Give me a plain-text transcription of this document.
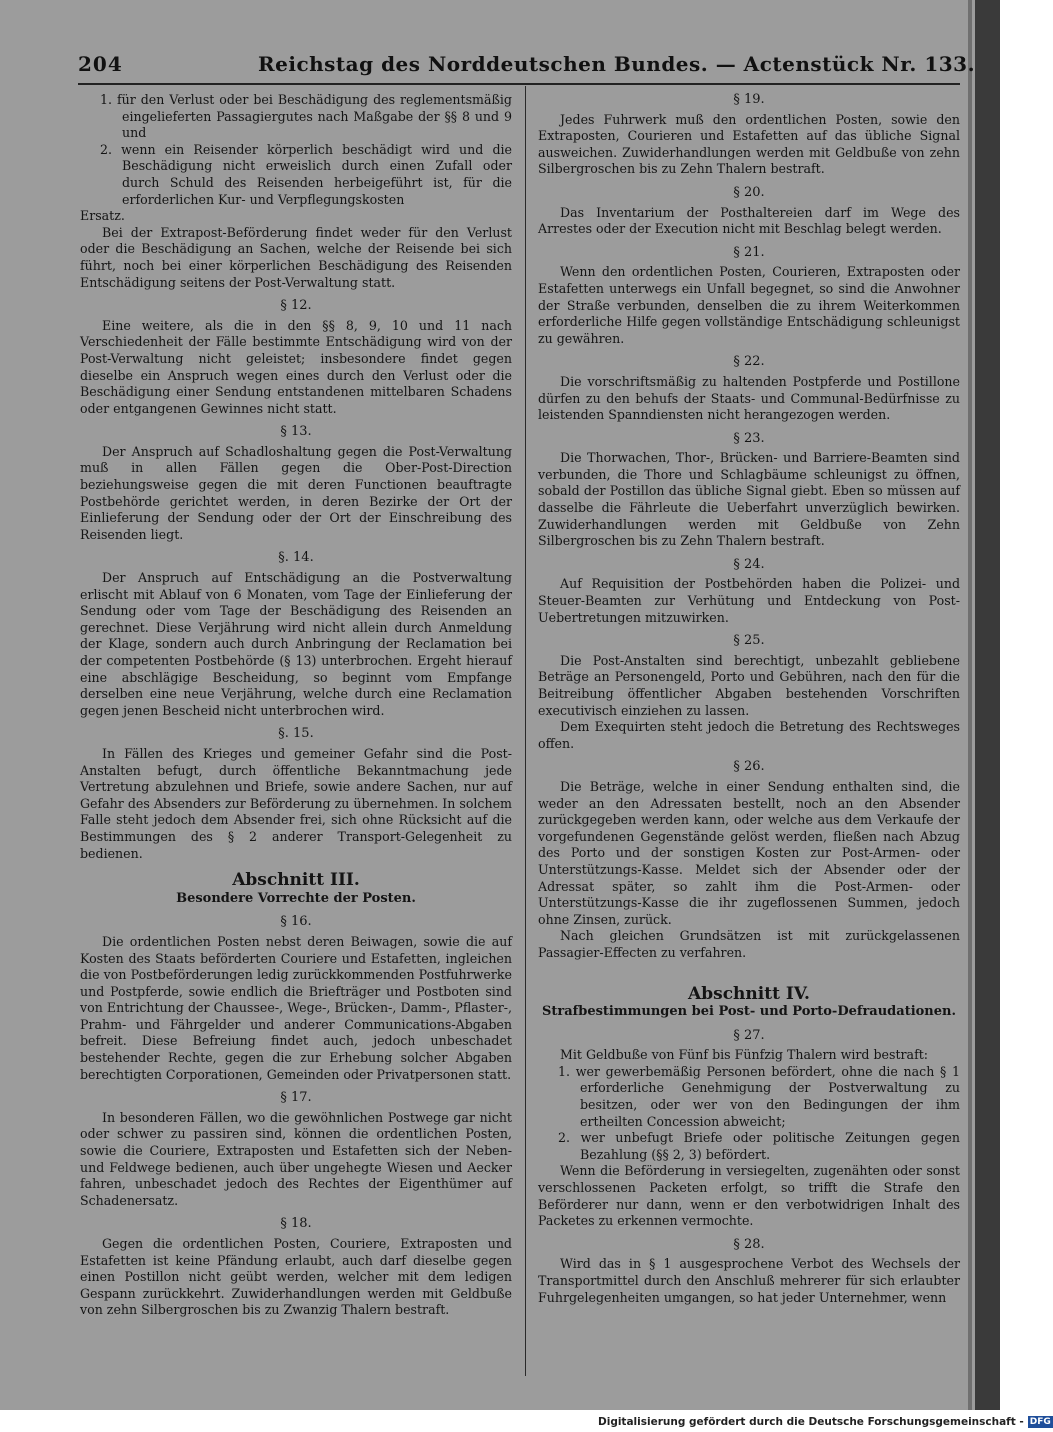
204	Reichstag des Norddeutschen Bundes. — Actenstück Nr. 133.

1. für den Verlust oder bei Beschädigung des reglementsmäßig eingelieferten Passagiergutes nach Maßgabe der §§ 8 und 9 und

2. wenn ein Reisender körperlich beschädigt wird und die Beschädigung nicht erweislich durch einen Zufall oder durch Schuld des Reisenden herbeigeführt ist, für die erforderlichen Kur- und Verpflegungskosten

Ersatz.

Bei der Extrapost-Beförderung findet weder für den Verlust oder die Beschädigung an Sachen, welche der Reisende bei sich führt, noch bei einer körperlichen Beschädigung des Reisenden Entschädigung seitens der Post-Verwaltung statt.

§ 12.

Eine weitere, als die in den §§ 8, 9, 10 und 11 nach Verschiedenheit der Fälle bestimmte Entschädigung wird von der Post-Verwaltung nicht geleistet; insbesondere findet gegen dieselbe ein Anspruch wegen eines durch den Verlust oder die Beschädigung einer Sendung entstandenen mittelbaren Schadens oder entgangenen Gewinnes nicht statt.

§ 13.

Der Anspruch auf Schadloshaltung gegen die Post-Verwaltung muß in allen Fällen gegen die Ober-Post-Direction beziehungsweise gegen die mit deren Functionen beauftragte Postbehörde gerichtet werden, in deren Bezirke der Ort der Einlieferung der Sendung oder der Ort der Einschreibung des Reisenden liegt.

§. 14.

Der Anspruch auf Entschädigung an die Postverwaltung erlischt mit Ablauf von 6 Monaten, vom Tage der Einlieferung der Sendung oder vom Tage der Beschädigung des Reisenden an gerechnet. Diese Verjährung wird nicht allein durch Anmeldung der Klage, sondern auch durch Anbringung der Reclamation bei der competenten Postbehörde (§ 13) unterbrochen. Ergeht hierauf eine abschlägige Bescheidung, so beginnt vom Empfange derselben eine neue Verjährung, welche durch eine Reclamation gegen jenen Bescheid nicht unterbrochen wird.

§. 15.

In Fällen des Krieges und gemeiner Gefahr sind die Post-Anstalten befugt, durch öffentliche Bekanntmachung jede Vertretung abzulehnen und Briefe, sowie andere Sachen, nur auf Gefahr des Absenders zur Beförderung zu übernehmen. In solchem Falle steht jedoch dem Absender frei, sich ohne Rücksicht auf die Bestimmungen des § 2 anderer Transport-Gelegenheit zu bedienen.

Abschnitt III.

Besondere Vorrechte der Posten.

§ 16.

Die ordentlichen Posten nebst deren Beiwagen, sowie die auf Kosten des Staats beförderten Couriere und Estafetten, ingleichen die von Postbeförderungen ledig zurückkommenden Postfuhrwerke und Postpferde, sowie endlich die Briefträger und Postboten sind von Entrichtung der Chaussee-, Wege-, Brücken-, Damm-, Pflaster-, Prahm- und Fährgelder und anderer Communications-Abgaben befreit. Diese Befreiung findet auch, jedoch unbeschadet bestehender Rechte, gegen die zur Erhebung solcher Abgaben berechtigten Corporationen, Gemeinden oder Privatpersonen statt.

§ 17.

In besonderen Fällen, wo die gewöhnlichen Postwege gar nicht oder schwer zu passiren sind, können die ordentlichen Posten, sowie die Couriere, Extraposten und Estafetten sich der Neben- und Feldwege bedienen, auch über ungehegte Wiesen und Aecker fahren, unbeschadet jedoch des Rechtes der Eigenthümer auf Schadenersatz.

§ 18.

Gegen die ordentlichen Posten, Couriere, Extraposten und Estafetten ist keine Pfändung erlaubt, auch darf dieselbe gegen einen Postillon nicht geübt werden, welcher mit dem ledigen Gespann zurückkehrt. Zuwiderhandlungen werden mit Geldbuße von zehn Silbergroschen bis zu Zwanzig Thalern bestraft.

§ 19.

Jedes Fuhrwerk muß den ordentlichen Posten, sowie den Extraposten, Courieren und Estafetten auf das übliche Signal ausweichen. Zuwiderhandlungen werden mit Geldbuße von zehn Silbergroschen bis zu Zehn Thalern bestraft.

§ 20.

Das Inventarium der Posthaltereien darf im Wege des Arrestes oder der Execution nicht mit Beschlag belegt werden.

§ 21.

Wenn den ordentlichen Posten, Courieren, Extraposten oder Estafetten unterwegs ein Unfall begegnet, so sind die Anwohner der Straße verbunden, denselben die zu ihrem Weiterkommen erforderliche Hilfe gegen vollständige Entschädigung schleunigst zu gewähren.

§ 22.

Die vorschriftsmäßig zu haltenden Postpferde und Postillone dürfen zu den behufs der Staats- und Communal-Bedürfnisse zu leistenden Spanndiensten nicht herangezogen werden.

§ 23.

Die Thorwachen, Thor-, Brücken- und Barriere-Beamten sind verbunden, die Thore und Schlagbäume schleunigst zu öffnen, sobald der Postillon das übliche Signal giebt. Eben so müssen auf dasselbe die Fährleute die Ueberfahrt unverzüglich bewirken. Zuwiderhandlungen werden mit Geldbuße von Zehn Silbergroschen bis zu Zehn Thalern bestraft.

§ 24.

Auf Requisition der Postbehörden haben die Polizei- und Steuer-Beamten zur Verhütung und Entdeckung von Post-Uebertretungen mitzuwirken.

§ 25.

Die Post-Anstalten sind berechtigt, unbezahlt gebliebene Beträge an Personengeld, Porto und Gebühren, nach den für die Beitreibung öffentlicher Abgaben bestehenden Vorschriften executivisch einziehen zu lassen.

Dem Exequirten steht jedoch die Betretung des Rechtsweges offen.

§ 26.

Die Beträge, welche in einer Sendung enthalten sind, die weder an den Adressaten bestellt, noch an den Absender zurückgegeben werden kann, oder welche aus dem Verkaufe der vorgefundenen Gegenstände gelöst werden, fließen nach Abzug des Porto und der sonstigen Kosten zur Post-Armen- oder Unterstützungs-Kasse. Meldet sich der Absender oder der Adressat später, so zahlt ihm die Post-Armen- oder Unterstützungs-Kasse die ihr zugeflossenen Summen, jedoch ohne Zinsen, zurück.

Nach gleichen Grundsätzen ist mit zurückgelassenen Passagier-Effecten zu verfahren.

Abschnitt IV.

Strafbestimmungen bei Post- und Porto-Defraudationen.

§ 27.

Mit Geldbuße von Fünf bis Fünfzig Thalern wird bestraft:

1. wer gewerbemäßig Personen befördert, ohne die nach § 1 erforderliche Genehmigung der Postverwaltung zu besitzen, oder wer von den Bedingungen der ihm ertheilten Concession abweicht;

2. wer unbefugt Briefe oder politische Zeitungen gegen Bezahlung (§§ 2, 3) befördert.

Wenn die Beförderung in versiegelten, zugenähten oder sonst verschlossenen Packeten erfolgt, so trifft die Strafe den Beförderer nur dann, wenn er den verbotwidrigen Inhalt des Packetes zu erkennen vermochte.

§ 28.

Wird das in § 1 ausgesprochene Verbot des Wechsels der Transportmittel durch den Anschluß mehrerer für sich erlaubter Fuhrgelegenheiten umgangen, so hat jeder Unternehmer, wenn

Digitalisierung gefördert durch die Deutsche Forschungsgemeinschaft - DFG
